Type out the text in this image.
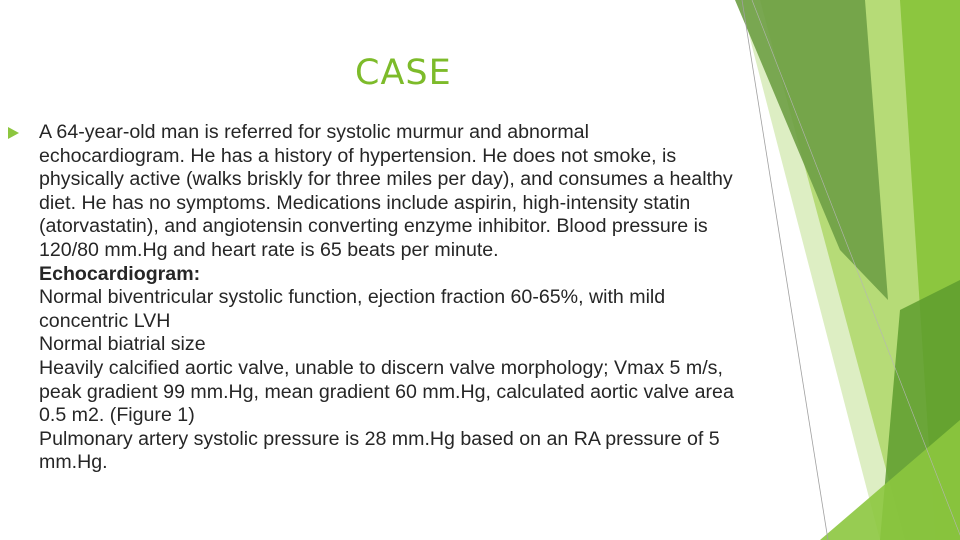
CASE

A 64-year-old man is referred for systolic murmur and abnormal

echocardiogram. He has a history of hypertension. He does not smoke, is

physically active (walks briskly for three miles per day), and consumes a healthy

diet. He has no symptoms. Medications include aspirin, high-intensity statin

(atorvastatin), and angiotensin converting enzyme inhibitor. Blood pressure is

120/80 mm.Hg and heart rate is 65 beats per minute.

Echocardiogram:

Normal biventricular systolic function, ejection fraction 60-65%, with mild

concentric LVH

Normal biatrial size

Heavily calcified aortic valve, unable to discern valve morphology; Vmax 5 m/s,

peak gradient 99 mm.Hg, mean gradient 60 mm.Hg, calculated aortic valve area

0.5 m2. (Figure 1)

Pulmonary artery systolic pressure is 28 mm.Hg based on an RA pressure of 5

mm.Hg.
